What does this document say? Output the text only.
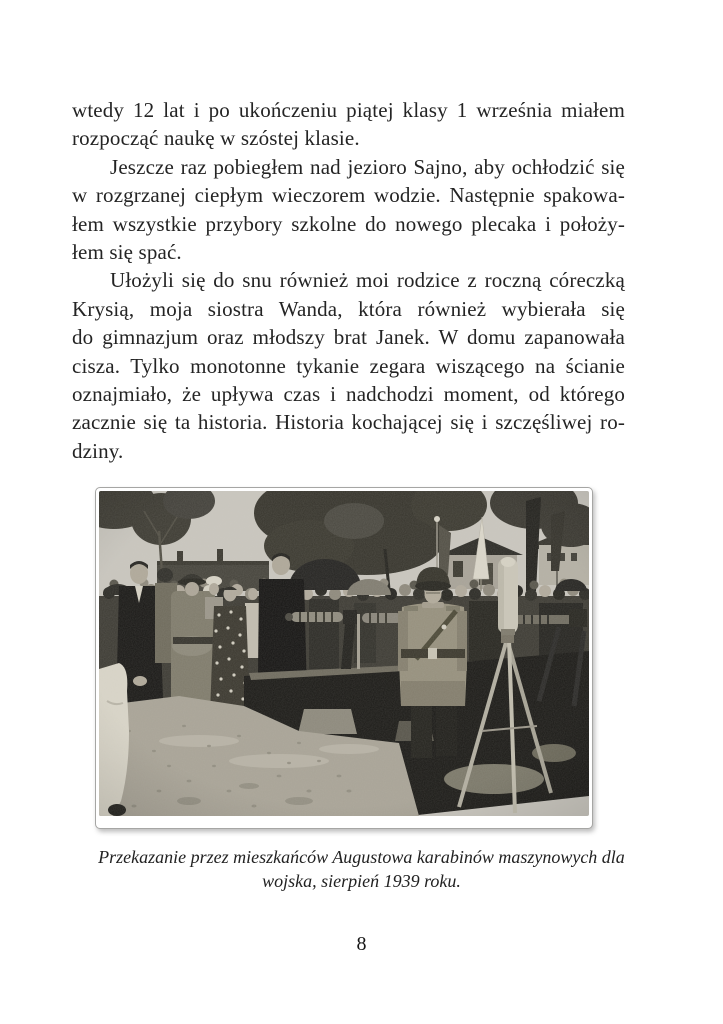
wtedy 12 lat i po ukończeniu piątej klasy 1 września miałem
rozpocząć naukę w szóstej klasie.
Jeszcze raz pobiegłem nad jezioro Sajno, aby ochłodzić się
w rozgrzanej ciepłym wieczorem wodzie. Następnie spakowa-
łem wszystkie przybory szkolne do nowego plecaka i położy-
łem się spać.
Ułożyli się do snu również moi rodzice z roczną córeczką
Krysią, moja siostra Wanda, która również wybierała się
do gimnazjum oraz młodszy brat Janek. W domu zapanowała
cisza. Tylko monotonne tykanie zegara wiszącego na ścianie
oznajmiało, że upływa czas i nadchodzi moment, od którego
zacznie się ta historia. Historia kochającej się i szczęśliwej ro-
dziny.
Przekazanie przez mieszkańców Augustowa karabinów maszynowych dla
wojska, sierpień 1939 roku.
8
